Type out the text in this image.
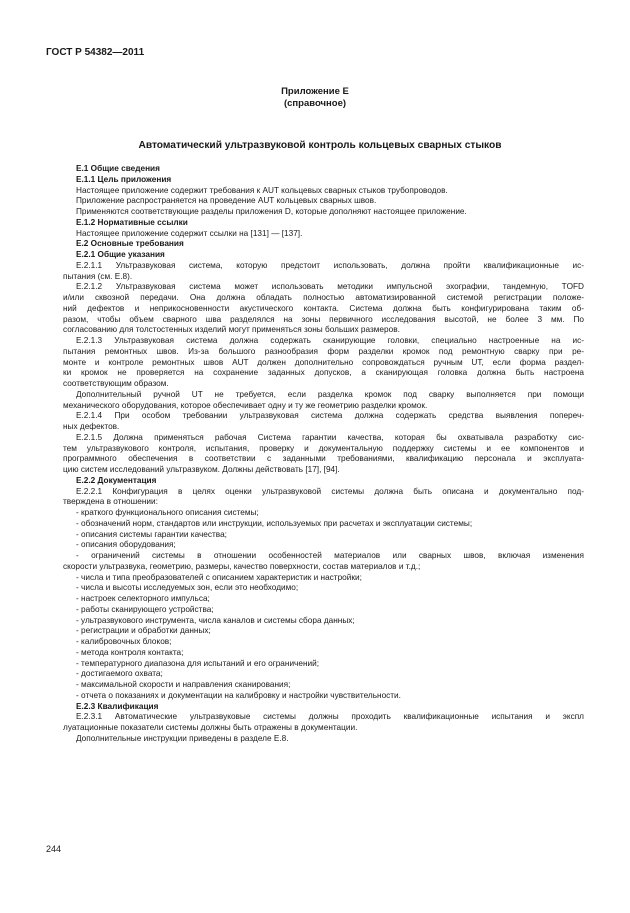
ГОСТ Р 54382—2011
Приложение Е
(справочное)
Автоматический ультразвуковой контроль кольцевых сварных стыков
Е.1 Общие сведения
Е.1.1 Цель приложения
Настоящее приложение содержит требования к AUT кольцевых сварных стыков трубопроводов.
Приложение распространяется на проведение AUT кольцевых сварных швов.
Применяются соответствующие разделы приложения D, которые дополняют настоящее приложение.
Е.1.2 Нормативные ссылки
Настоящее приложение содержит ссылки на [131] — [137].
Е.2 Основные требования
Е.2.1 Общие указания
Е.2.1.1 Ультразвуковая система, которую предстоит использовать, должна пройти квалификационные ис-
пытания (см. Е.8).
Е.2.1.2 Ультразвуковая система может использовать методики импульсной эхографии, тандемную, TOFD
и/или сквозной передачи. Она должна обладать полностью автоматизированной системой регистрации положе-
ний дефектов и неприкосновенности акустического контакта. Система должна быть конфигурирована таким об-
разом, чтобы объем сварного шва разделялся на зоны первичного исследования высотой, не более 3 мм. По
согласованию для толстостенных изделий могут применяться зоны больших размеров.
Е.2.1.3 Ультразвуковая система должна содержать сканирующие головки, специально настроенные на ис-
пытания ремонтных швов. Из-за большого разнообразия форм разделки кромок под ремонтную сварку при ре-
монте и контроле ремонтных швов AUT должен дополнительно сопровождаться ручным UT, если форма раздел-
ки кромок не проверяется на сохранение заданных допусков, а сканирующая головка должна быть настроена
соответствующим образом.
Дополнительный ручной UT не требуется, если разделка кромок под сварку выполняется при помощи
механического оборудования, которое обеспечивает одну и ту же геометрию разделки кромок.
Е.2.1.4 При особом требовании ультразвуковая система должна содержать средства выявления попереч-
ных дефектов.
Е.2.1.5 Должна применяться рабочая Система гарантии качества, которая бы охватывала разработку сис-
тем ультразвукового контроля, испытания, проверку и документальную поддержку системы и ее компонентов и
программного обеспечения в соответствии с заданными требованиями, квалификацию персонала и эксплуата-
цию систем исследований ультразвуком. Должны действовать [17], [94].
Е.2.2 Документация
Е.2.2.1 Конфигурация в целях оценки ультразвуковой системы должна быть описана и документально под-
тверждена в отношении:
- краткого функционального описания системы;
- обозначений норм, стандартов или инструкции, используемых при расчетах и эксплуатации системы;
- описания системы гарантии качества;
- описания оборудования;
- ограничений системы в отношении особенностей материалов или сварных швов, включая изменения
скорости ультразвука, геометрию, размеры, качество поверхности, состав материалов и т.д.;
- числа и типа преобразователей с описанием характеристик и настройки;
- числа и высоты исследуемых зон, если это необходимо;
- настроек селекторного импульса;
- работы сканирующего устройства;
- ультразвукового инструмента, числа каналов и системы сбора данных;
- регистрации и обработки данных;
- калибровочных блоков;
- метода контроля контакта;
- температурного диапазона для испытаний и его ограничений;
- достигаемого охвата;
- максимальной скорости и направления сканирования;
- отчета о показаниях и документации на калибровку и настройки чувствительности.
Е.2.3 Квалификация
Е.2.3.1 Автоматические ультразвуковые системы должны проходить квалификационные испытания и экспл
луатационные показатели системы должны быть отражены в документации.
Дополнительные инструкции приведены в разделе Е.8.
244
